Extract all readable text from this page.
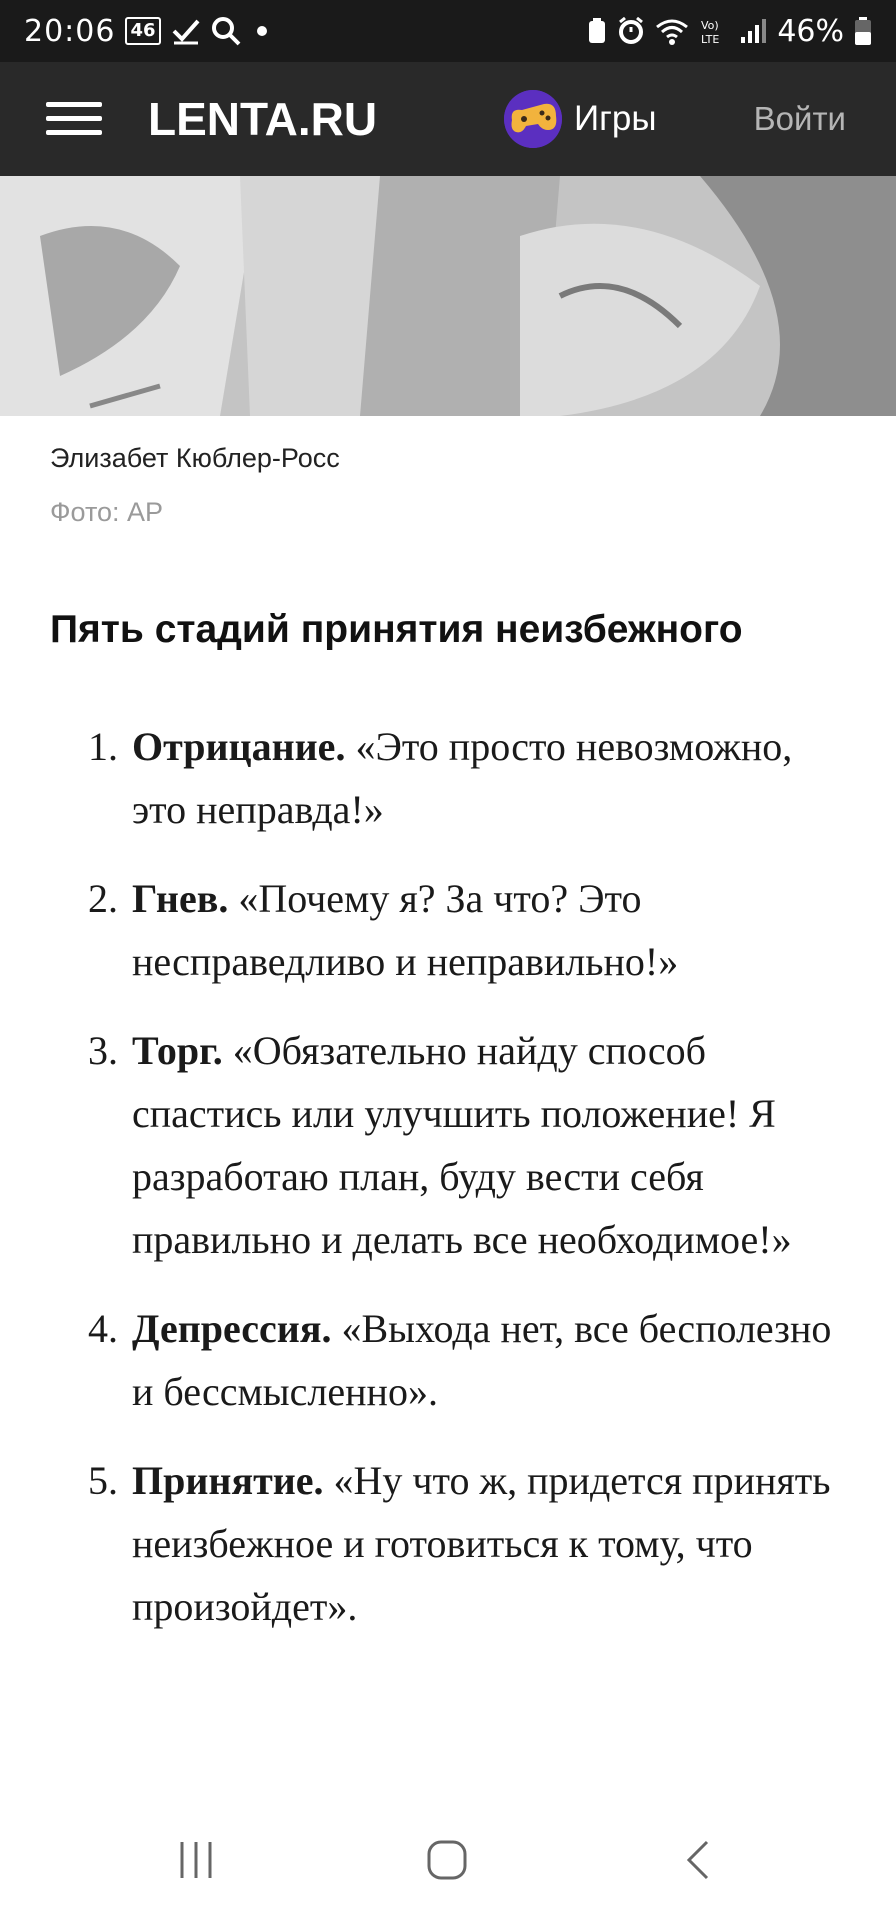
20:06 46	Vo)
LTE 46%
LENTA.RU	Игры	Войти
Элизабет Кюблер-Росс
Фото: AP
Пять стадий принятия неизбежного
1. Отрицание. «Это просто невозможно, это неправда!»
2. Гнев. «Почему я? За что? Это несправедливо и неправильно!»
3. Торг. «Обязательно найду способ спастись или улучшить положение! Я разработаю план, буду вести себя правильно и делать все необходимое!»
4. Депрессия. «Выхода нет, все бесполезно и бессмысленно».
5. Принятие. «Ну что ж, придется принять неизбежное и готовиться к тому, что произойдет».
